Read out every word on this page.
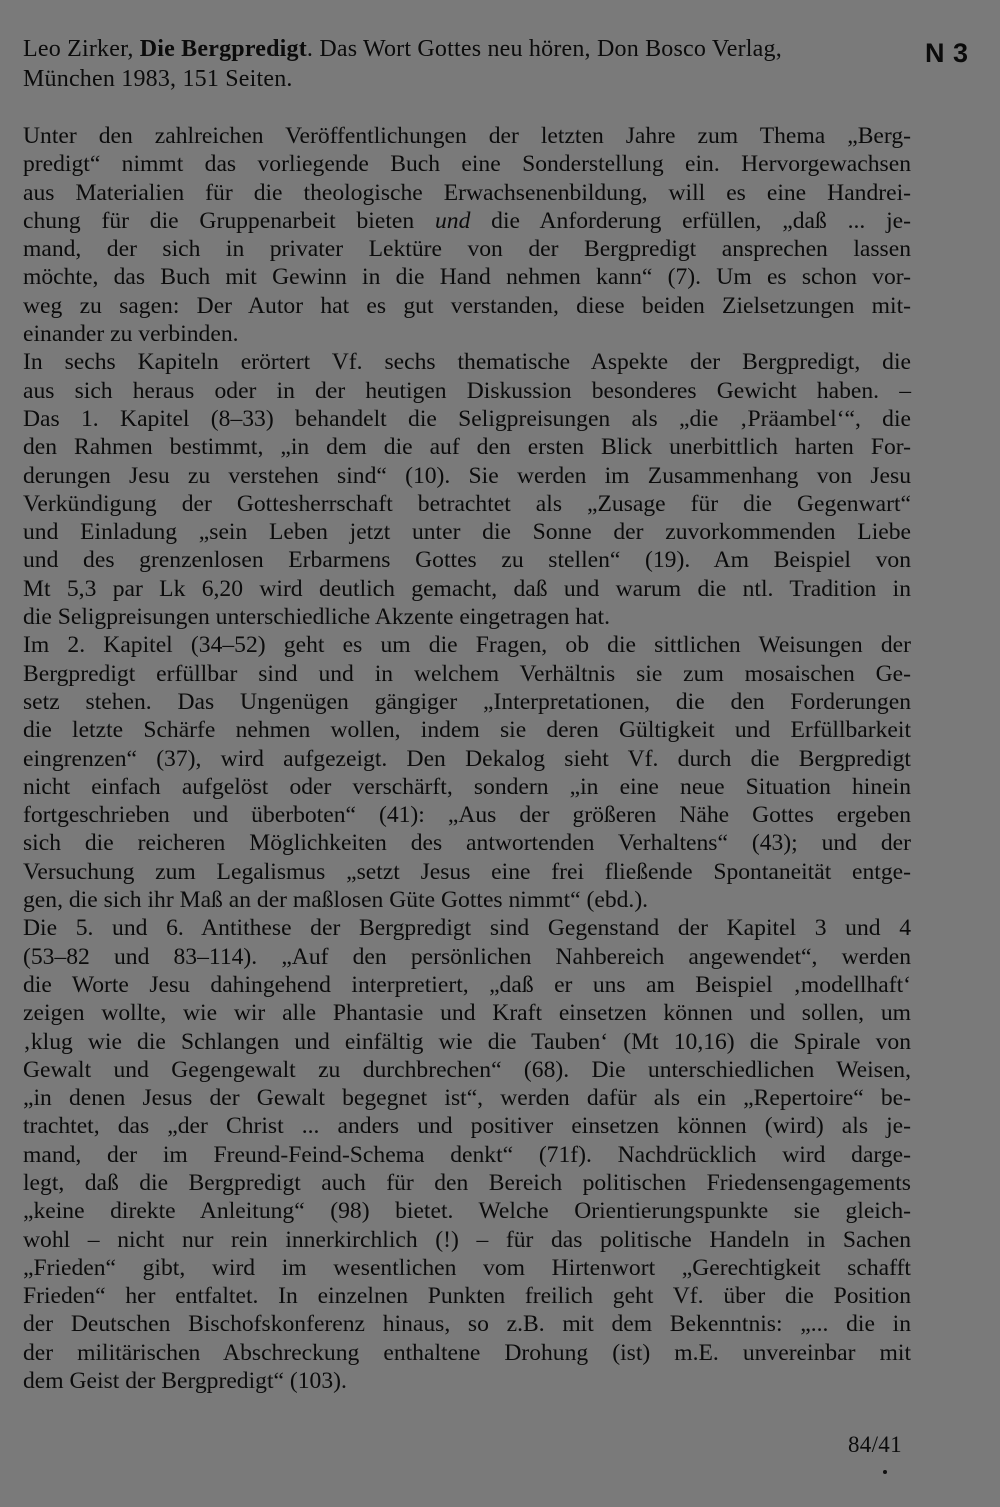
Leo Zirker, Die Bergpredigt. Das Wort Gottes neu hören, Don Bosco Verlag,
München 1983, 151 Seiten.
N 3
Unter den zahlreichen Veröffentlichungen der letzten Jahre zum Thema „Berg-
predigt“ nimmt das vorliegende Buch eine Sonderstellung ein. Hervorgewachsen
aus Materialien für die theologische Erwachsenenbildung, will es eine Handrei-
chung für die Gruppenarbeit bieten und die Anforderung erfüllen, „daß ... je-
mand, der sich in privater Lektüre von der Bergpredigt ansprechen lassen
möchte, das Buch mit Gewinn in die Hand nehmen kann“ (7). Um es schon vor-
weg zu sagen: Der Autor hat es gut verstanden, diese beiden Zielsetzungen mit-
einander zu verbinden.
In sechs Kapiteln erörtert Vf. sechs thematische Aspekte der Bergpredigt, die
aus sich heraus oder in der heutigen Diskussion besonderes Gewicht haben. –
Das 1. Kapitel (8–33) behandelt die Seligpreisungen als „die ‚Präambel‘“, die
den Rahmen bestimmt, „in dem die auf den ersten Blick unerbittlich harten For-
derungen Jesu zu verstehen sind“ (10). Sie werden im Zusammenhang von Jesu
Verkündigung der Gottesherrschaft betrachtet als „Zusage für die Gegenwart“
und Einladung „sein Leben jetzt unter die Sonne der zuvorkommenden Liebe
und des grenzenlosen Erbarmens Gottes zu stellen“ (19). Am Beispiel von
Mt 5,3 par Lk 6,20 wird deutlich gemacht, daß und warum die ntl. Tradition in
die Seligpreisungen unterschiedliche Akzente eingetragen hat.
Im 2. Kapitel (34–52) geht es um die Fragen, ob die sittlichen Weisungen der
Bergpredigt erfüllbar sind und in welchem Verhältnis sie zum mosaischen Ge-
setz stehen. Das Ungenügen gängiger „Interpretationen, die den Forderungen
die letzte Schärfe nehmen wollen, indem sie deren Gültigkeit und Erfüllbarkeit
eingrenzen“ (37), wird aufgezeigt. Den Dekalog sieht Vf. durch die Bergpredigt
nicht einfach aufgelöst oder verschärft, sondern „in eine neue Situation hinein
fortgeschrieben und überboten“ (41): „Aus der größeren Nähe Gottes ergeben
sich die reicheren Möglichkeiten des antwortenden Verhaltens“ (43); und der
Versuchung zum Legalismus „setzt Jesus eine frei fließende Spontaneität entge-
gen, die sich ihr Maß an der maßlosen Güte Gottes nimmt“ (ebd.).
Die 5. und 6. Antithese der Bergpredigt sind Gegenstand der Kapitel 3 und 4
(53–82 und 83–114). „Auf den persönlichen Nahbereich angewendet“, werden
die Worte Jesu dahingehend interpretiert, „daß er uns am Beispiel ‚modellhaft‘
zeigen wollte, wie wir alle Phantasie und Kraft einsetzen können und sollen, um
‚klug wie die Schlangen und einfältig wie die Tauben‘ (Mt 10,16) die Spirale von
Gewalt und Gegengewalt zu durchbrechen“ (68). Die unterschiedlichen Weisen,
„in denen Jesus der Gewalt begegnet ist“, werden dafür als ein „Repertoire“ be-
trachtet, das „der Christ ... anders und positiver einsetzen können (wird) als je-
mand, der im Freund-Feind-Schema denkt“ (71f). Nachdrücklich wird darge-
legt, daß die Bergpredigt auch für den Bereich politischen Friedensengagements
„keine direkte Anleitung“ (98) bietet. Welche Orientierungspunkte sie gleich-
wohl – nicht nur rein innerkirchlich (!) – für das politische Handeln in Sachen
„Frieden“ gibt, wird im wesentlichen vom Hirtenwort „Gerechtigkeit schafft
Frieden“ her entfaltet. In einzelnen Punkten freilich geht Vf. über die Position
der Deutschen Bischofskonferenz hinaus, so z.B. mit dem Bekenntnis: „... die in
der militärischen Abschreckung enthaltene Drohung (ist) m.E. unvereinbar mit
dem Geist der Bergpredigt“ (103).
84/41
